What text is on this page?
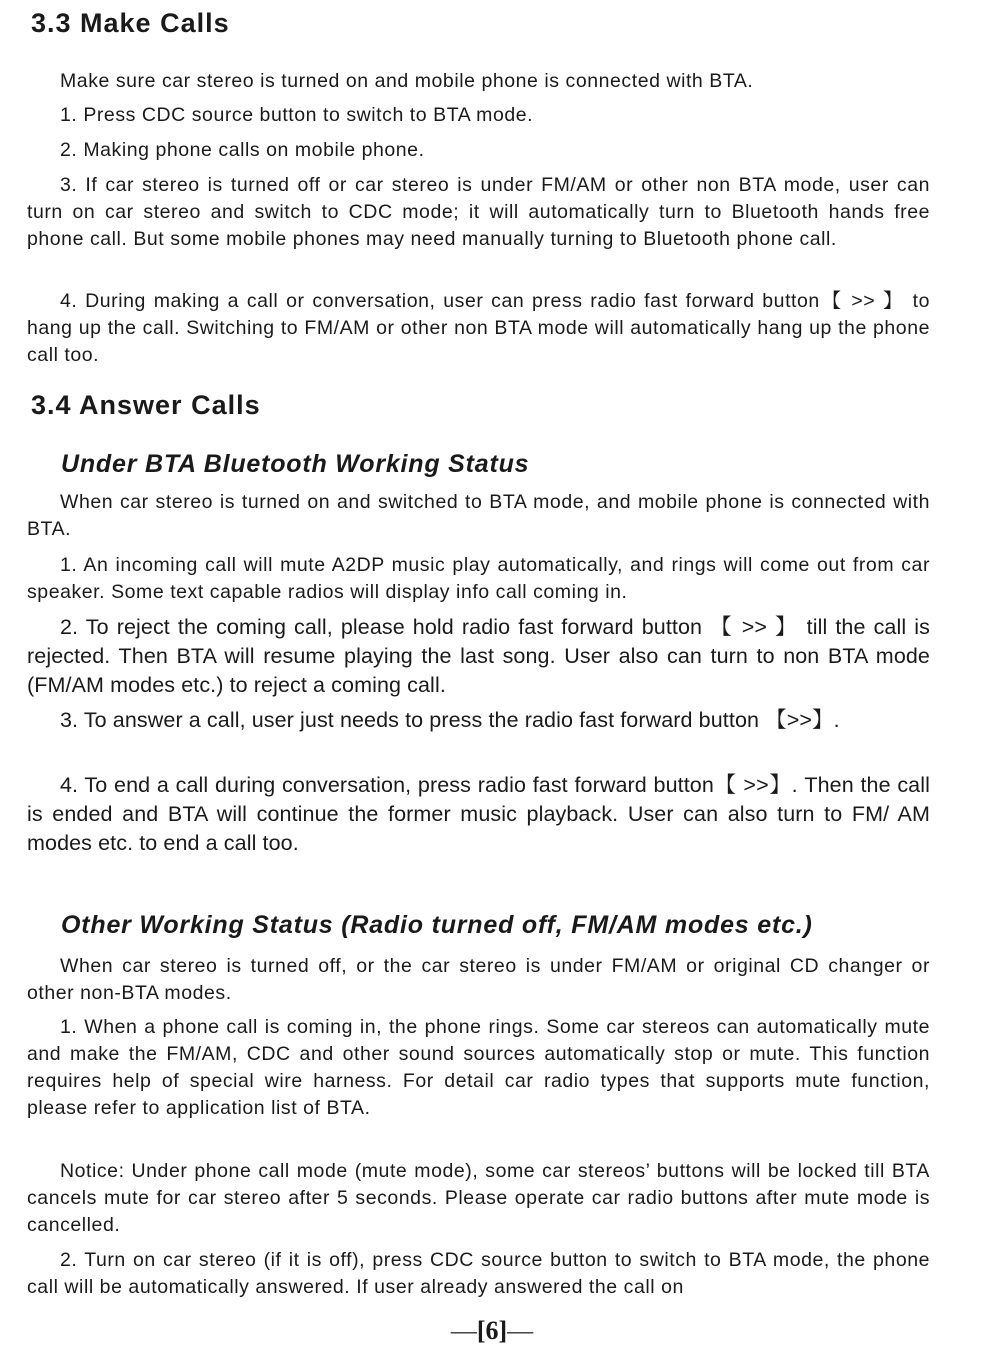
3.3 Make Calls

Make sure car stereo is turned on and mobile phone is connected with BTA.

1. Press CDC source button to switch to BTA mode.

2. Making phone calls on mobile phone.

3. If car stereo is turned off or car stereo is under FM/AM or other non BTA mode, user can turn on car stereo and switch to CDC mode; it will automatically turn to Bluetooth hands free phone call. But some mobile phones may need manually turning to Bluetooth phone call.

4. During making a call or conversation, user can press radio fast forward button【 >> 】 to hang up the call. Switching to FM/AM or other non BTA mode will automatically hang up the phone call too.

3.4 Answer Calls
Under BTA Bluetooth Working Status

When car stereo is turned on and switched to BTA mode, and mobile phone is connected with BTA.

1. An incoming call will mute A2DP music play automatically, and rings will come out from car speaker. Some text capable radios will display info call coming in.

2. To reject the coming call, please hold radio fast forward button 【 >> 】 till the call is rejected. Then BTA will resume playing the last song. User also can turn to non BTA mode (FM/AM modes etc.) to reject a coming call.

3. To answer a call, user just needs to press the radio fast forward button 【>>】.

4. To end a call during conversation, press radio fast forward button【 >>】. Then the call is ended and BTA will continue the former music playback. User can also turn to FM/ AM modes etc. to end a call too.

Other Working Status (Radio turned off, FM/AM modes etc.)

When car stereo is turned off, or the car stereo is under FM/AM or original CD changer or other non-BTA modes.

1. When a phone call is coming in, the phone rings. Some car stereos can automatically mute and make the FM/AM, CDC and other sound sources automatically stop or mute. This function requires help of special wire harness. For detail car radio types that supports mute function, please refer to application list of BTA.

Notice: Under phone call mode (mute mode), some car stereos’ buttons will be locked till BTA cancels mute for car stereo after 5 seconds. Please operate car radio buttons after mute mode is cancelled.

2. Turn on car stereo (if it is off), press CDC source button to switch to BTA mode, the phone call will be automatically answered. If user already answered the call on

—[6]—
